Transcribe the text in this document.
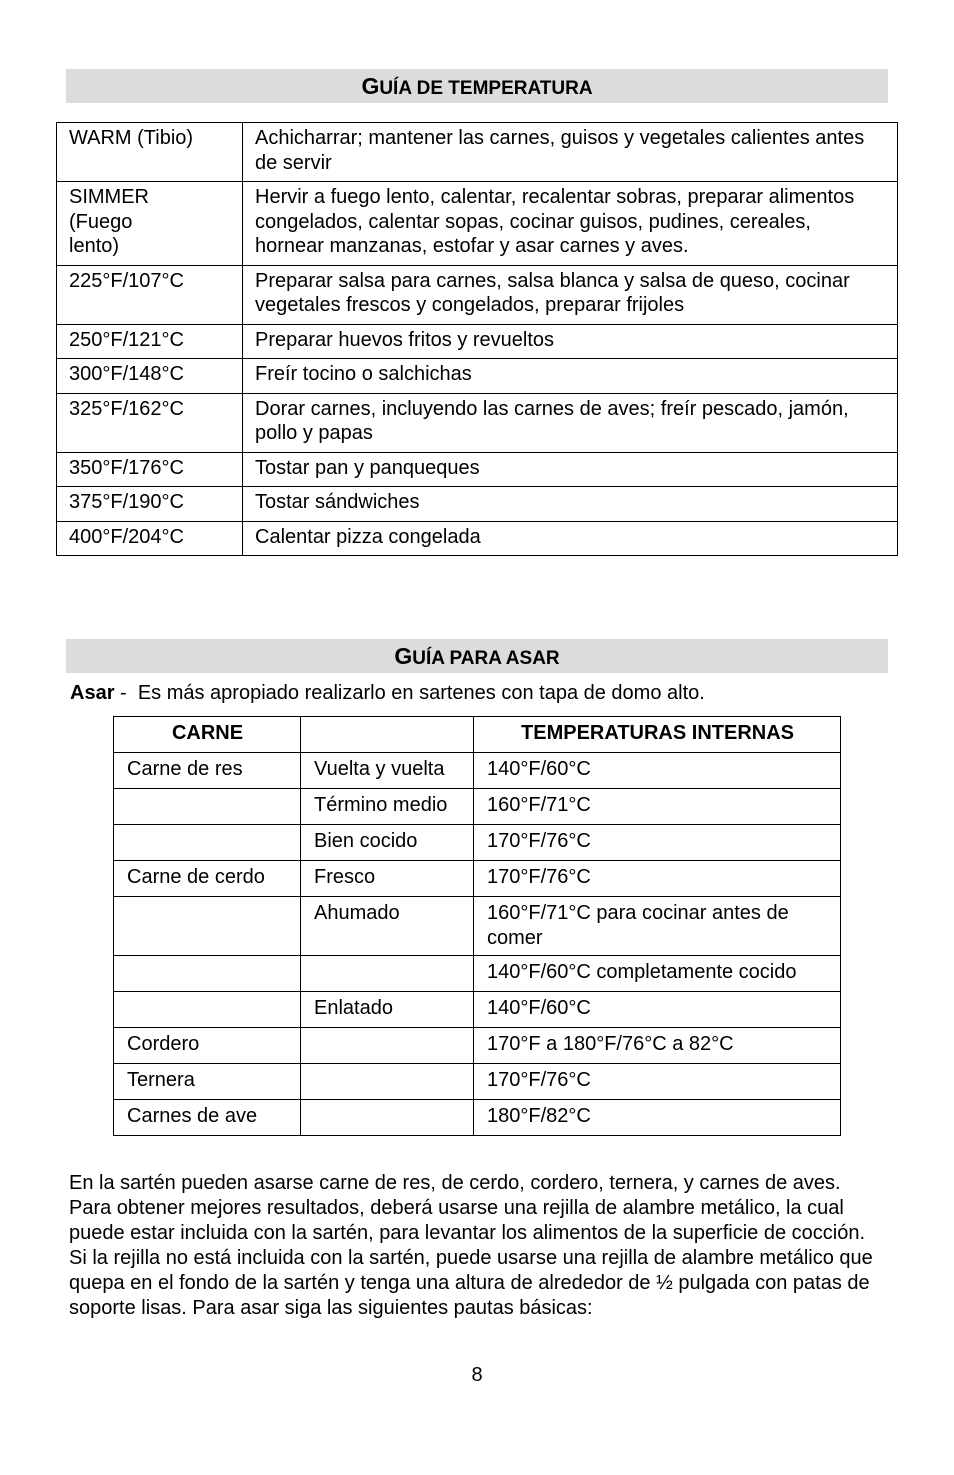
GUÍA DE TEMPERATURA
WARM (Tibio)	Achicharrar; mantener las carnes, guisos y vegetales calientes antes de servir
SIMMER (Fuego lento)	Hervir a fuego lento, calentar, recalentar sobras, preparar alimentos congelados, calentar sopas, cocinar guisos, pudines, cereales, hornear manzanas, estofar y asar carnes y aves.
225°F/107°C	Preparar salsa para carnes, salsa blanca y salsa de queso, cocinar vegetales frescos y congelados, preparar frijoles
250°F/121°C	Preparar huevos fritos y revueltos
300°F/148°C	Freír tocino o salchichas
325°F/162°C	Dorar carnes, incluyendo las carnes de aves; freír pescado, jamón, pollo y papas
350°F/176°C	Tostar pan y panqueques
375°F/190°C	Tostar sándwiches
400°F/204°C	Calentar pizza congelada
GUÍA PARA ASAR
Asar -  Es más apropiado realizarlo en sartenes con tapa de domo alto.
CARNE		TEMPERATURAS INTERNAS
Carne de res	Vuelta y vuelta	140°F/60°C
	Término medio	160°F/71°C
	Bien cocido	170°F/76°C
Carne de cerdo	Fresco	170°F/76°C
	Ahumado	160°F/71°C para cocinar antes de comer
		140°F/60°C completamente cocido
	Enlatado	140°F/60°C
Cordero		170°F a 180°F/76°C a 82°C
Ternera		170°F/76°C
Carnes de ave		180°F/82°C

En la sartén pueden asarse carne de res, de cerdo, cordero, ternera, y carnes de aves. Para obtener mejores resultados, deberá usarse una rejilla de alambre metálico, la cual puede estar incluida con la sartén, para levantar los alimentos de la superficie de cocción. Si la rejilla no está incluida con la sartén, puede usarse una rejilla de alambre metálico que quepa en el fondo de la sartén y tenga una altura de alrededor de ½ pulgada con patas de soporte lisas. Para asar siga las siguientes pautas básicas:

8
